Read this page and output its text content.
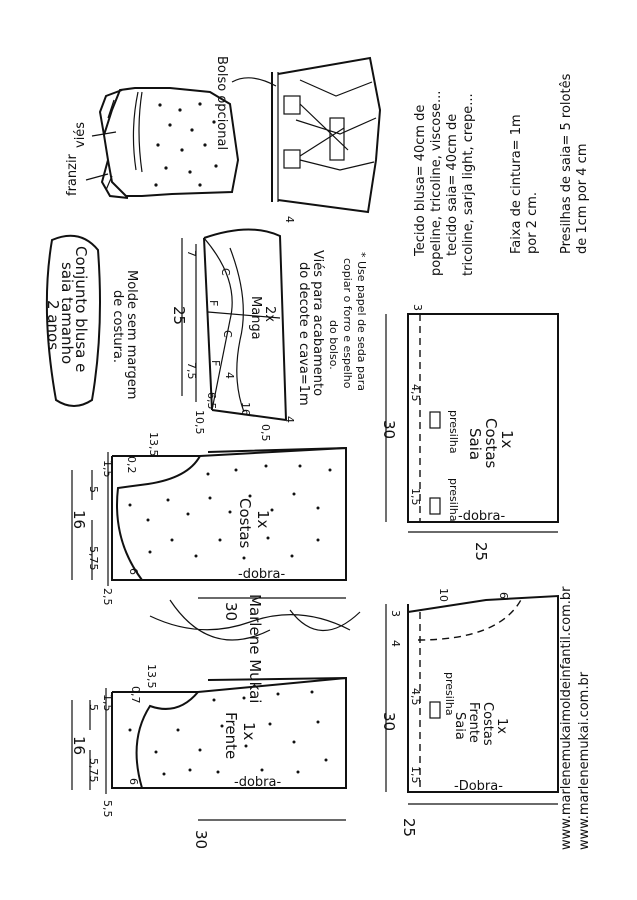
viés
franzir
Bolso opcional
Conjunto blusa e
saia tamanho
2 anos	Molde sem margem
de costura.
C
F
C
F
Manga 2x
7
25
4
7,5 4
4
6,5
10,5	0,5
16
Viés para acabamento
do decote e cava=1m	* Use papel de seda para
copiar o forro e espelho
do bolso.
Tecido blusa= 40cm de popeline, tricoline, viscose... tecido saia= 40cm de tricoline, sarja light, crepe...	Faixa de cintura= 1m por 2 cm. Presilhas de saia= 5 rolotês de 1cm por 4 cm
Costas 1x
-dobra-
16
5
5,75
1,5
6
2,5
0,2
13,5
30 Marlene Mukai
Frente 1x
-dobra-
16
5
5,75
1,5
6
5,5
0,7
13,5
30
Saia
Costas
1x
-dobra-
presilha
presilha
30
3
4,5
1,5
25
Saia Frente Costas 1x
-Dobra-
presilha
10	6
3
4
30
4,5
1,5
25	www.marlenemukaimoldeinfantil.com.br www.marlenemukai.com.br
